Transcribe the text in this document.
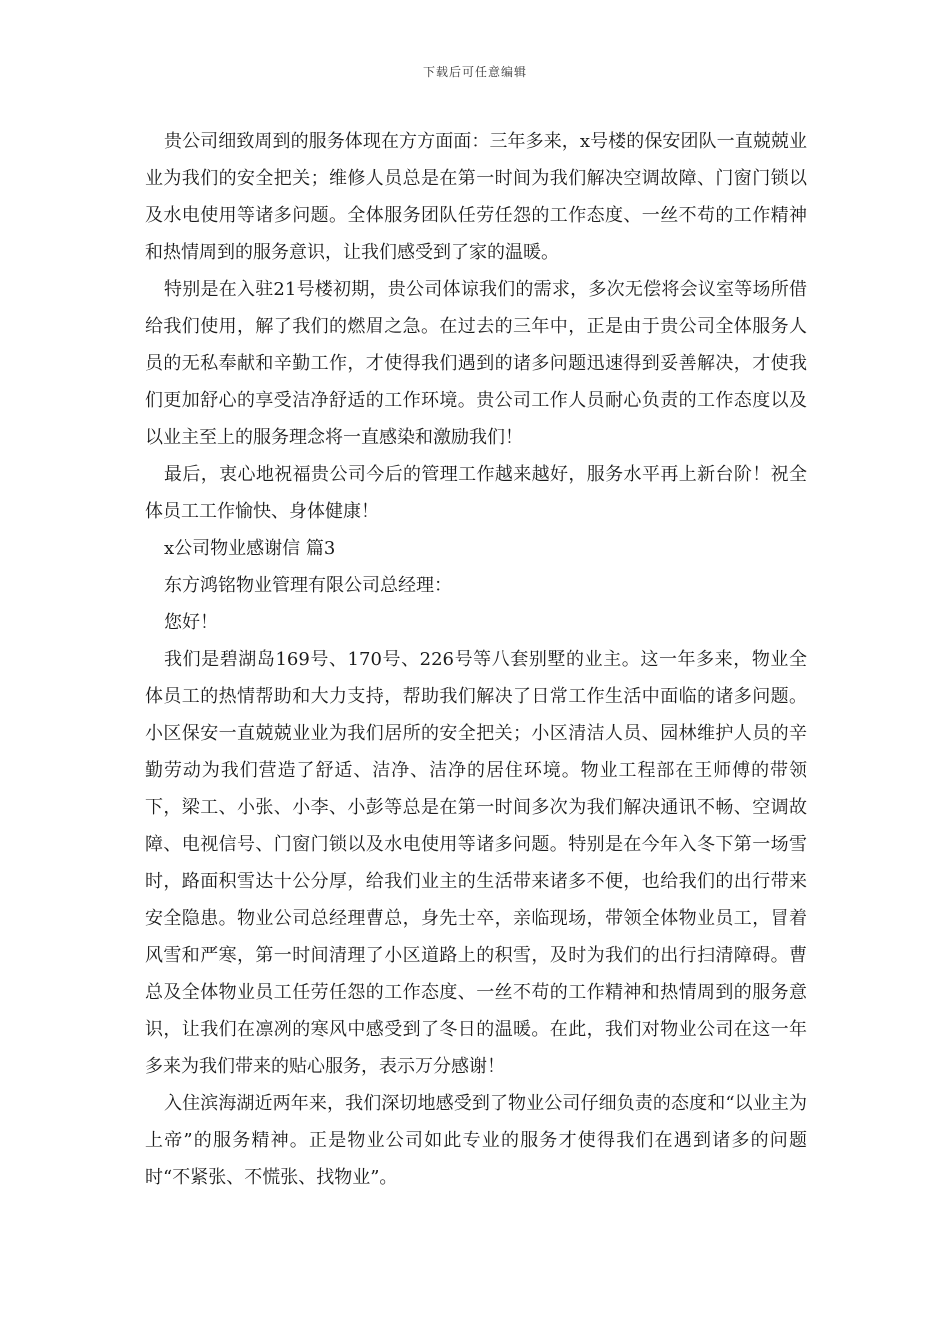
下载后可任意编辑

贵公司细致周到的服务体现在方方面面：三年多来，x号楼的保安团队一直兢兢业业为我们的安全把关；维修人员总是在第一时间为我们解决空调故障、门窗门锁以及水电使用等诸多问题。全体服务团队任劳任怨的工作态度、一丝不苟的工作精神和热情周到的服务意识，让我们感受到了家的温暖。

特别是在入驻21号楼初期，贵公司体谅我们的需求，多次无偿将会议室等场所借给我们使用，解了我们的燃眉之急。在过去的三年中，正是由于贵公司全体服务人员的无私奉献和辛勤工作，才使得我们遇到的诸多问题迅速得到妥善解决，才使我们更加舒心的享受洁净舒适的工作环境。贵公司工作人员耐心负责的工作态度以及以业主至上的服务理念将一直感染和激励我们！

最后，衷心地祝福贵公司今后的管理工作越来越好，服务水平再上新台阶！祝全体员工工作愉快、身体健康！

x公司物业感谢信 篇3

东方鸿铭物业管理有限公司总经理：

您好！

我们是碧湖岛169号、170号、226号等八套别墅的业主。这一年多来，物业全体员工的热情帮助和大力支持，帮助我们解决了日常工作生活中面临的诸多问题。小区保安一直兢兢业业为我们居所的安全把关；小区清洁人员、园林维护人员的辛勤劳动为我们营造了舒适、洁净、洁净的居住环境。物业工程部在王师傅的带领下，梁工、小张、小李、小彭等总是在第一时间多次为我们解决通讯不畅、空调故障、电视信号、门窗门锁以及水电使用等诸多问题。特别是在今年入冬下第一场雪时，路面积雪达十公分厚，给我们业主的生活带来诸多不便，也给我们的出行带来安全隐患。物业公司总经理曹总，身先士卒，亲临现场，带领全体物业员工，冒着风雪和严寒，第一时间清理了小区道路上的积雪，及时为我们的出行扫清障碍。曹总及全体物业员工任劳任怨的工作态度、一丝不苟的工作精神和热情周到的服务意识，让我们在凛冽的寒风中感受到了冬日的温暖。在此，我们对物业公司在这一年多来为我们带来的贴心服务，表示万分感谢！

入住滨海湖近两年来，我们深切地感受到了物业公司仔细负责的态度和“以业主为上帝”的服务精神。正是物业公司如此专业的服务才使得我们在遇到诸多的问题时“不紧张、不慌张、找物业”。
